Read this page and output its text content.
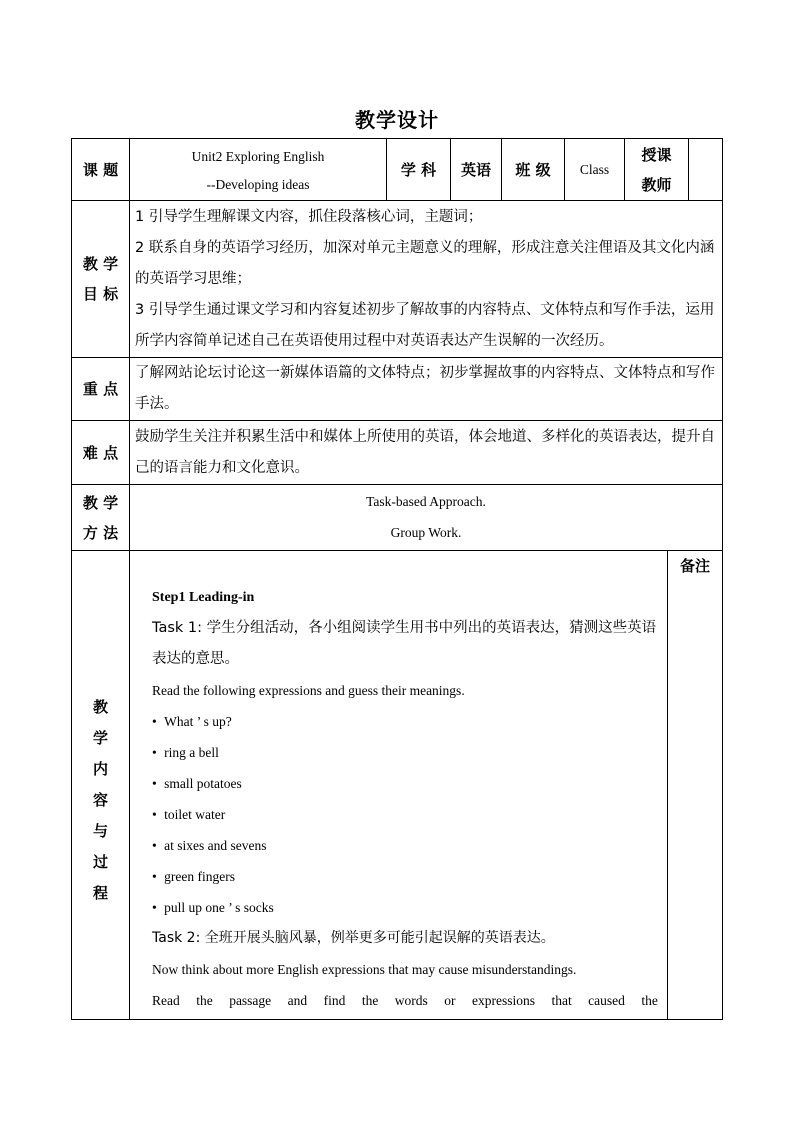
教学设计
课 题
Unit2 Exploring English
--Developing ideas
学 科 英语 班 级 Class
授课
教师
教 学
目 标

1 引导学生理解课文内容，抓住段落核心词，主题词；

2 联系自身的英语学习经历，加深对单元主题意义的理解，形成注意关注俚语及其文化内涵的英语学习思维；

3 引导学生通过课文学习和内容复述初步了解故事的内容特点、文体特点和写作手法，运用所学内容简单记述自己在英语使用过程中对英语表达产生误解的一次经历。

重 点

了解网站论坛讨论这一新媒体语篇的文体特点；初步掌握故事的内容特点、文体特点和写作手法。

难 点

鼓励学生关注并积累生活中和媒体上所使用的英语，体会地道、多样化的英语表达，提升自己的语言能力和文化意识。

教 学
方 法
Task-based Approach.
Group Work.
教
学
内
容
与
过
程
备注
Step1 Leading-in

Task 1: 学生分组活动，各小组阅读学生用书中列出的英语表达，猜测这些英语表达的意思。

Read the following expressions and guess their meanings.

• What ’ s up?
• ring a bell
• small potatoes
• toilet water
• at sixes and sevens
• green fingers
• pull up one ’ s socks

Task 2: 全班开展头脑风暴，例举更多可能引起误解的英语表达。

Now think about more English expressions that may cause misunderstandings.

Read the passage and find the words or expressions that caused the
